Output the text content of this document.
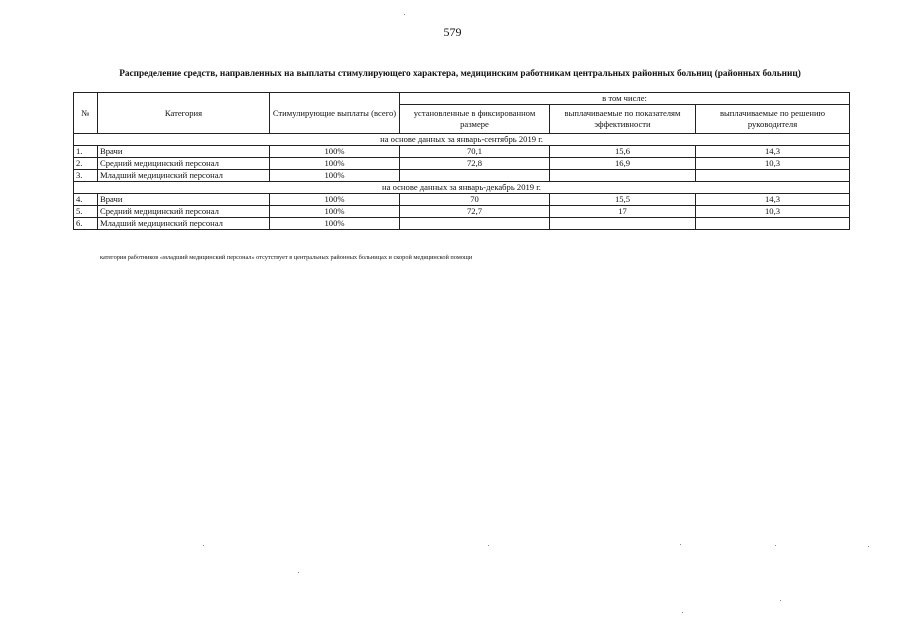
579
Распределение средств, направленных на выплаты стимулирующего характера, медицинским работникам центральных районных больниц (районных больниц)
№	Категория	Стимулирующие выплаты (всего)	в том числе:		
			установленные в фиксированном размере	выплачиваемые по показателям эффективности	выплачиваемые по решению руководителя
на основе данных за январь-сентябрь 2019 г.					
1.	Врачи	100%	70,1	15,6	14,3
2.	Средний медицинский персонал	100%	72,8	16,9	10,3
3.	Младший медицинский персонал	100%			
на основе данных за январь-декабрь 2019 г.					
4.	Врачи	100%	70	15,5	14,3
5.	Средний медицинский персонал	100%	72,7	17	10,3
6.	Младший медицинский персонал	100%			
категория работников «младший медицинский персонал» отсутствует в центральных районных больницах и скорой медицинской помощи
